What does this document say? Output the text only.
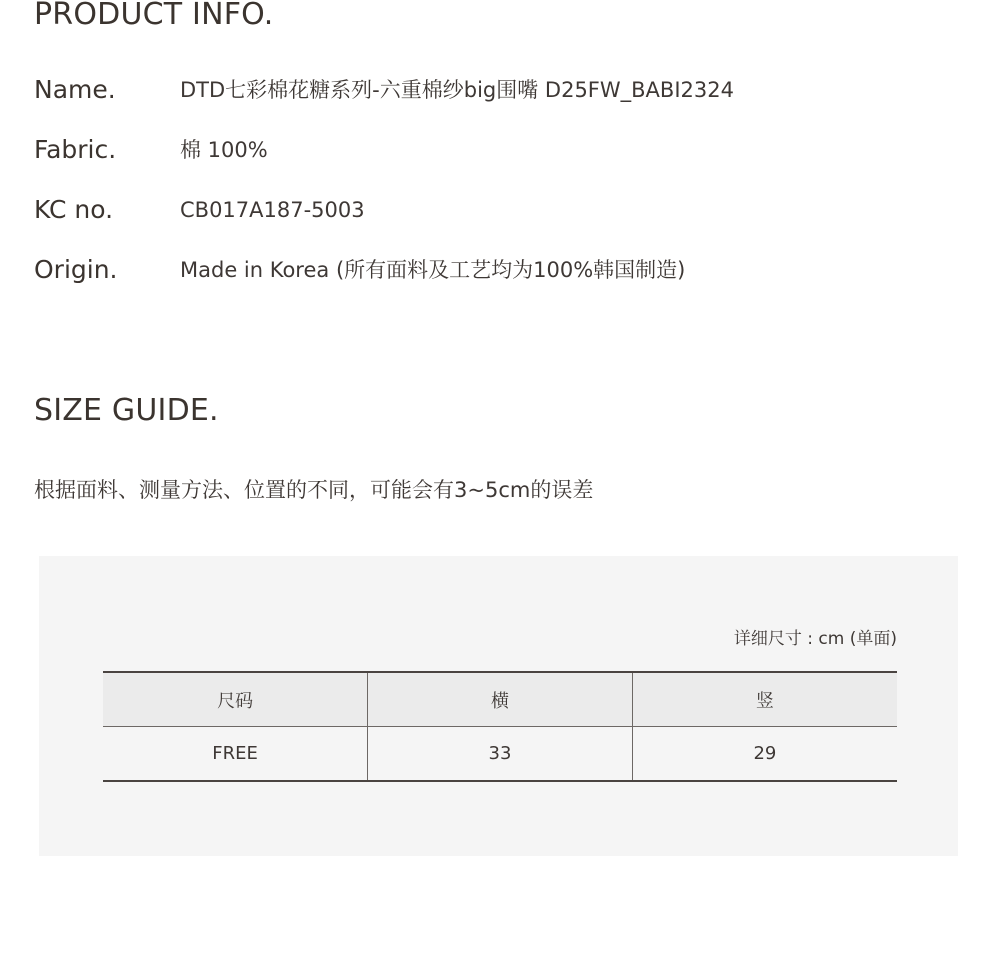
PRODUCT INFO.
Name.	DTD七彩棉花糖系列-六重棉纱big围嘴 D25FW_BABI2324
Fabric.	棉 100%
KC no.	CB017A187-5003
Origin.	Made in Korea (所有面料及工艺均为100%韩国制造)
SIZE GUIDE.

根据面料、测量方法、位置的不同，可能会有3~5cm的误差

详细尺寸 : cm (单面)
尺码	横	竖
FREE	33	29
